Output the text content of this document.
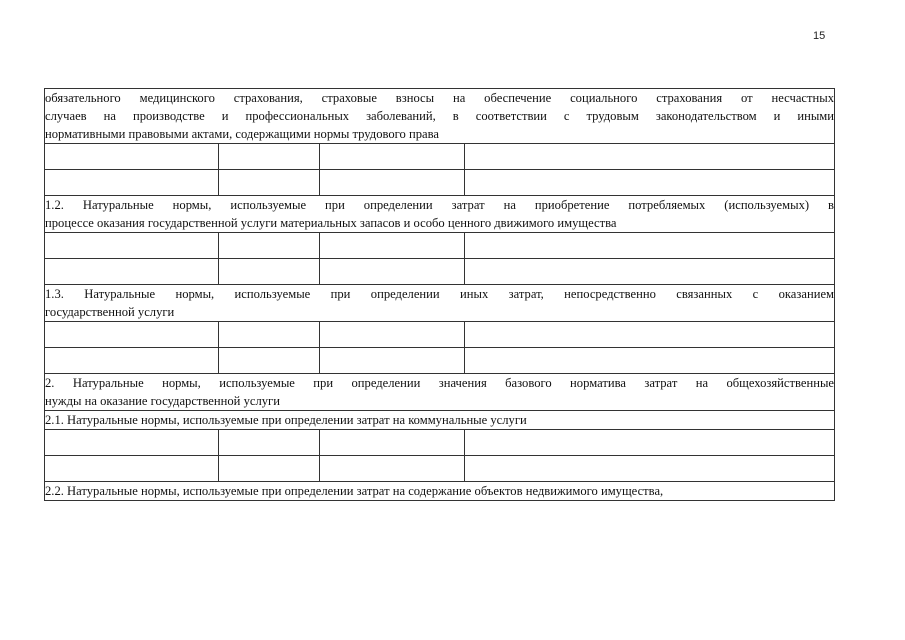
15
обязательного медицинского страхования, страховые взносы на обеспечение социального страхования от несчастных
случаев на производстве и профессиональных заболеваний, в соответствии с трудовым законодательством и иными
нормативными правовыми актами, содержащими нормы трудового права			

1.2. Натуральные нормы, используемые при определении затрат на приобретение потребляемых (используемых) в
процессе оказания государственной услуги материальных запасов и особо ценного движимого имущества			

1.3. Натуральные нормы, используемые при определении иных затрат, непосредственно связанных с оказанием
государственной услуги			

2. Натуральные нормы, используемые при определении значения базового норматива затрат на общехозяйственные
нужды на оказание государственной услуги			

2.1. Натуральные нормы, используемые при определении затрат на коммунальные услуги			

2.2. Натуральные нормы, используемые при определении затрат на содержание объектов недвижимого имущества,			
